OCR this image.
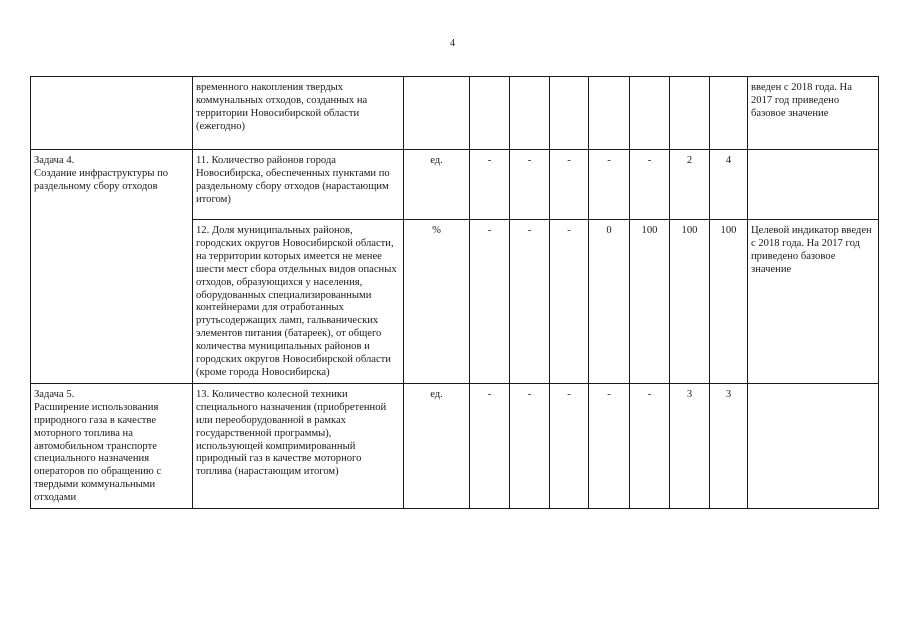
4
	временного накопления твердых коммунальных отходов, созданных на территории Новосибирской области (ежегодно)									введен с 2018 года. На 2017 год приведено базовое значение
Задача 4.
Создание инфраструктуры по раздельному сбору отходов	11. Количество районов города Новосибирска, обеспеченных пунктами по раздельному сбору отходов (нарастающим итогом)	ед.	-	-	-	-	-	2	4	
	12. Доля муниципальных районов, городских округов Новосибирской области, на территории которых имеется не менее шести мест сбора отдельных видов опасных отходов, образующихся у населения, оборудованных специализированными контейнерами для отработанных ртутьсодержащих ламп, гальванических элементов питания (батареек), от общего количества муниципальных районов и городских округов Новосибирской области (кроме города Новосибирска)	%	-	-	-	0	100	100	100	Целевой индикатор введен с 2018 года. На 2017 год приведено базовое значение
Задача 5.
Расширение использования природного газа в качестве моторного топлива на автомобильном транспорте специального назначения операторов по обращению с твердыми коммунальными отходами	13. Количество колесной техники специального назначения (приобретенной или переоборудованной в рамках государственной программы), использующей компримированный природный газ в качестве моторного топлива (нарастающим итогом)	ед.	-	-	-	-	-	3	3	
